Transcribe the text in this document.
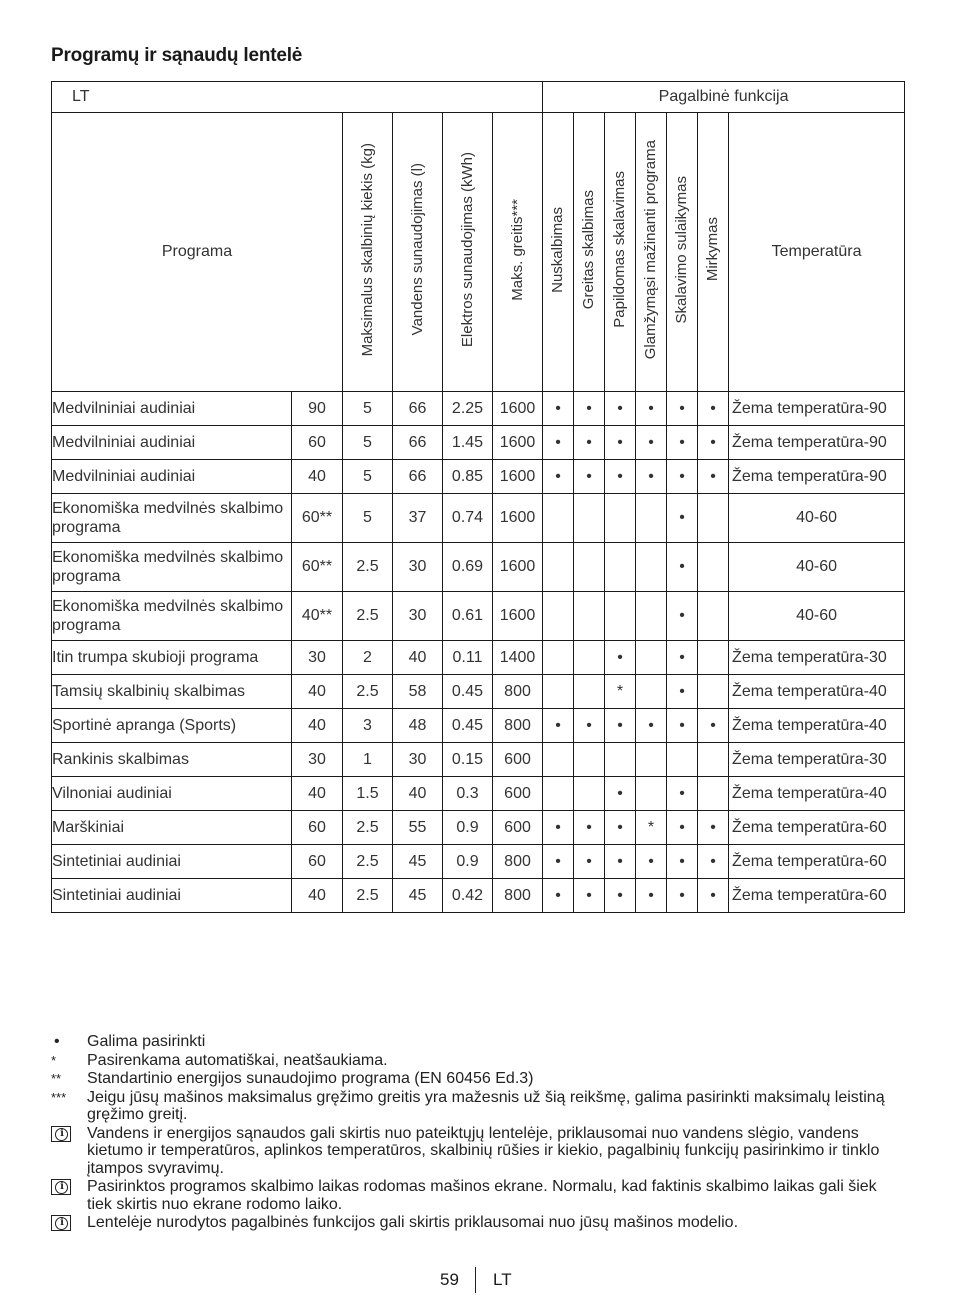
Programų ir sąnaudų lentelė
LT						Pagalbinė funkcija						
Programa		Maksimalus skalbinių kiekis (kg)	Vandens sunaudojimas (l)	Elektros sunaudojimas (kWh)	Maks. greitis***	Nuskalbimas	Greitas skalbimas	Papildomas skalavimas	Glamžymąsi mažinanti programa	Skalavimo sulaikymas	Mirkymas	Temperatūra
Medvilniniai audiniai	90	5	66	2.25	1600	•	•	•	•	•	•	Žema temperatūra-90
Medvilniniai audiniai	60	5	66	1.45	1600	•	•	•	•	•	•	Žema temperatūra-90
Medvilniniai audiniai	40	5	66	0.85	1600	•	•	•	•	•	•	Žema temperatūra-90
Ekonomiška medvilnės skalbimo programa	60**	5	37	0.74	1600					•		40-60
Ekonomiška medvilnės skalbimo programa	60**	2.5	30	0.69	1600					•		40-60
Ekonomiška medvilnės skalbimo programa	40**	2.5	30	0.61	1600					•		40-60
Itin trumpa skubioji programa	30	2	40	0.11	1400			•		•		Žema temperatūra-30
Tamsių skalbinių skalbimas	40	2.5	58	0.45	800			*		•		Žema temperatūra-40
Sportinė apranga (Sports)	40	3	48	0.45	800	•	•	•	•	•	•	Žema temperatūra-40
Rankinis skalbimas	30	1	30	0.15	600							Žema temperatūra-30
Vilnoniai audiniai	40	1.5	40	0.3	600			•		•		Žema temperatūra-40
Marškiniai	60	2.5	55	0.9	600	•	•	•	*	•	•	Žema temperatūra-60
Sintetiniai audiniai	60	2.5	45	0.9	800	•	•	•	•	•	•	Žema temperatūra-60
Sintetiniai audiniai	40	2.5	45	0.42	800	•	•	•	•	•	•	Žema temperatūra-60
•	Galima pasirinkti
*	Pasirenkama automatiškai, neatšaukiama.
**	Standartinio energijos sunaudojimo programa (EN 60456 Ed.3)
***	Jeigu jūsų mašinos maksimalus gręžimo greitis yra mažesnis už šią reikšmę, galima pasirinkti maksimalų leistiną gręžimo greitį.
i	Vandens ir energijos sąnaudos gali skirtis nuo pateiktųjų lentelėje, priklausomai nuo vandens slėgio, vandens kietumo ir temperatūros, aplinkos temperatūros, skalbinių rūšies ir kiekio, pagalbinių funkcijų pasirinkimo ir tinklo įtampos svyravimų.
i	Pasirinktos programos skalbimo laikas rodomas mašinos ekrane. Normalu, kad faktinis skalbimo laikas gali šiek tiek skirtis nuo ekrane rodomo laiko.
i	Lentelėje nurodytos pagalbinės funkcijos gali skirtis priklausomai nuo jūsų mašinos modelio.
59 LT
